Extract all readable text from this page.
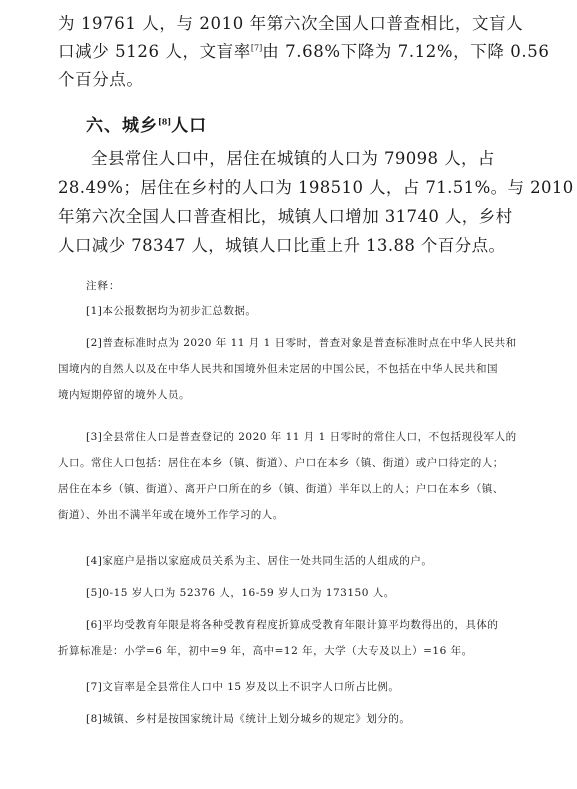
为 19761 人，与 2010 年第六次全国人口普查相比，文盲人
口减少 5126 人，文盲率[7]由 7.68%下降为 7.12%，下降 0.56
个百分点。

六、城乡[8]人口

全县常住人口中，居住在城镇的人口为 79098 人，占
28.49%；居住在乡村的人口为 198510 人，占 71.51%。与 2010
年第六次全国人口普查相比，城镇人口增加 31740 人，乡村
人口减少 78347 人，城镇人口比重上升 13.88 个百分点。

注释：

[1]本公报数据均为初步汇总数据。

[2]普查标准时点为 2020 年 11 月 1 日零时，普查对象是普查标准时点在中华人民共和
国境内的自然人以及在中华人民共和国境外但未定居的中国公民，不包括在中华人民共和国
境内短期停留的境外人员。

[3]全县常住人口是普查登记的 2020 年 11 月 1 日零时的常住人口，不包括现役军人的
人口。常住人口包括：居住在本乡（镇、街道）、户口在本乡（镇、街道）或户口待定的人；
居住在本乡（镇、街道）、离开户口所在的乡（镇、街道）半年以上的人；户口在本乡（镇、
街道）、外出不满半年或在境外工作学习的人。

[4]家庭户是指以家庭成员关系为主、居住一处共同生活的人组成的户。

[5]0-15 岁人口为 52376 人，16-59 岁人口为 173150 人。

[6]平均受教育年限是将各种受教育程度折算成受教育年限计算平均数得出的，具体的
折算标准是：小学=6 年，初中=9 年，高中=12 年，大学（大专及以上）=16 年。

[7]文盲率是全县常住人口中 15 岁及以上不识字人口所占比例。

[8]城镇、乡村是按国家统计局《统计上划分城乡的规定》划分的。
